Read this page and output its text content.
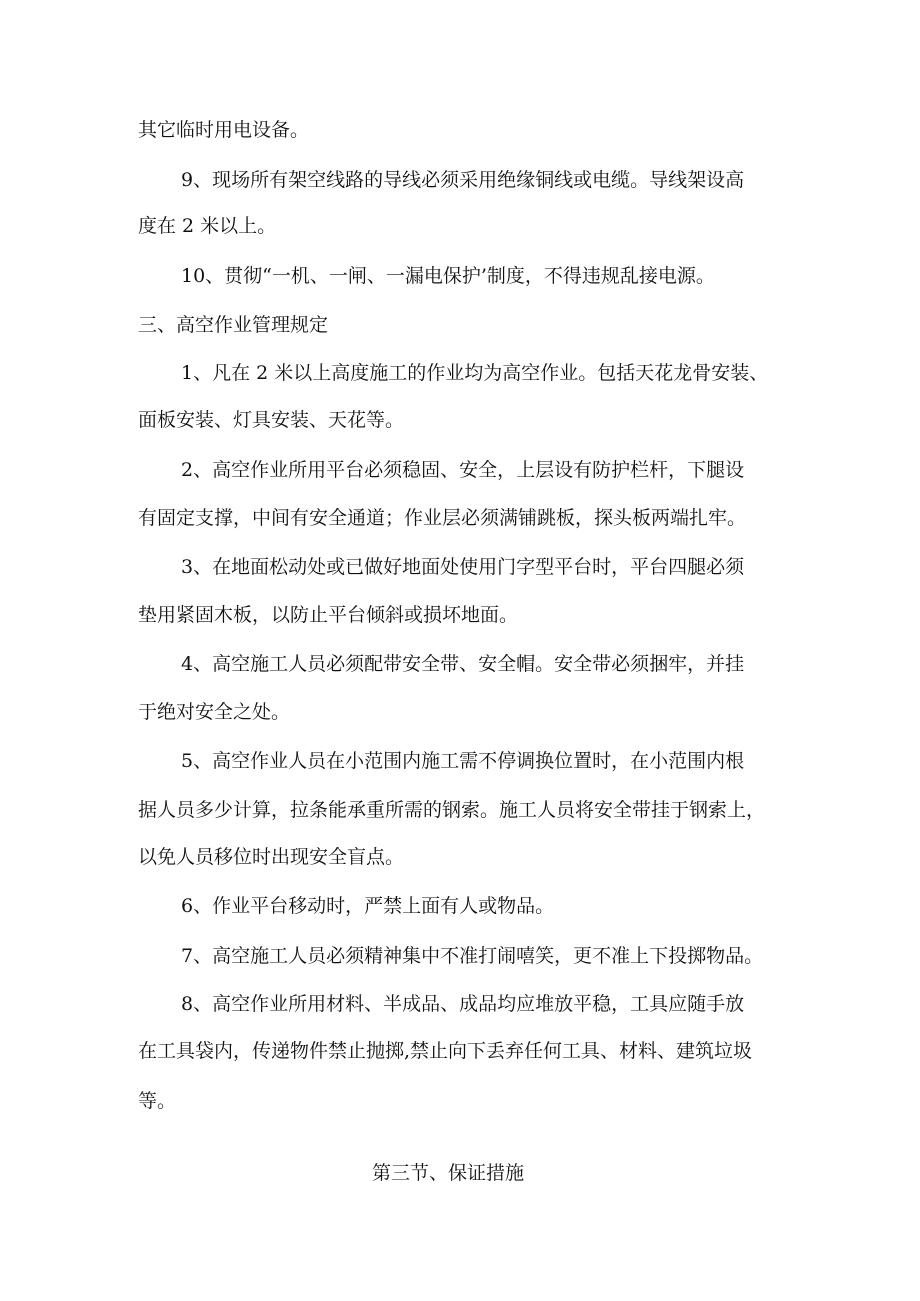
其它临时用电设备。
9、现场所有架空线路的导线必须采用绝缘铜线或电缆。导线架设高
度在 2 米以上。
10、贯彻“一机、一闸、一漏电保护’制度，不得违规乱接电源。
三、高空作业管理规定
1、凡在 2 米以上高度施工的作业均为高空作业。包括天花龙骨安装、
面板安装、灯具安装、天花等。
2、高空作业所用平台必须稳固、安全，上层设有防护栏杆，下腿设
有固定支撑，中间有安全通道；作业层必须满铺跳板，探头板两端扎牢。
3、在地面松动处或已做好地面处使用门字型平台时，平台四腿必须
垫用紧固木板，以防止平台倾斜或损坏地面。
4、高空施工人员必须配带安全带、安全帽。安全带必须捆牢，并挂
于绝对安全之处。
5、高空作业人员在小范围内施工需不停调换位置时，在小范围内根
据人员多少计算，拉条能承重所需的钢索。施工人员将安全带挂于钢索上，
以免人员移位时出现安全盲点。
6、作业平台移动时，严禁上面有人或物品。
7、高空施工人员必须精神集中不准打闹嘻笑，更不准上下投掷物品。
8、高空作业所用材料、半成品、成品均应堆放平稳，工具应随手放
在工具袋内，传递物件禁止抛掷,禁止向下丢弃任何工具、材料、建筑垃圾
等。
第三节、保证措施
